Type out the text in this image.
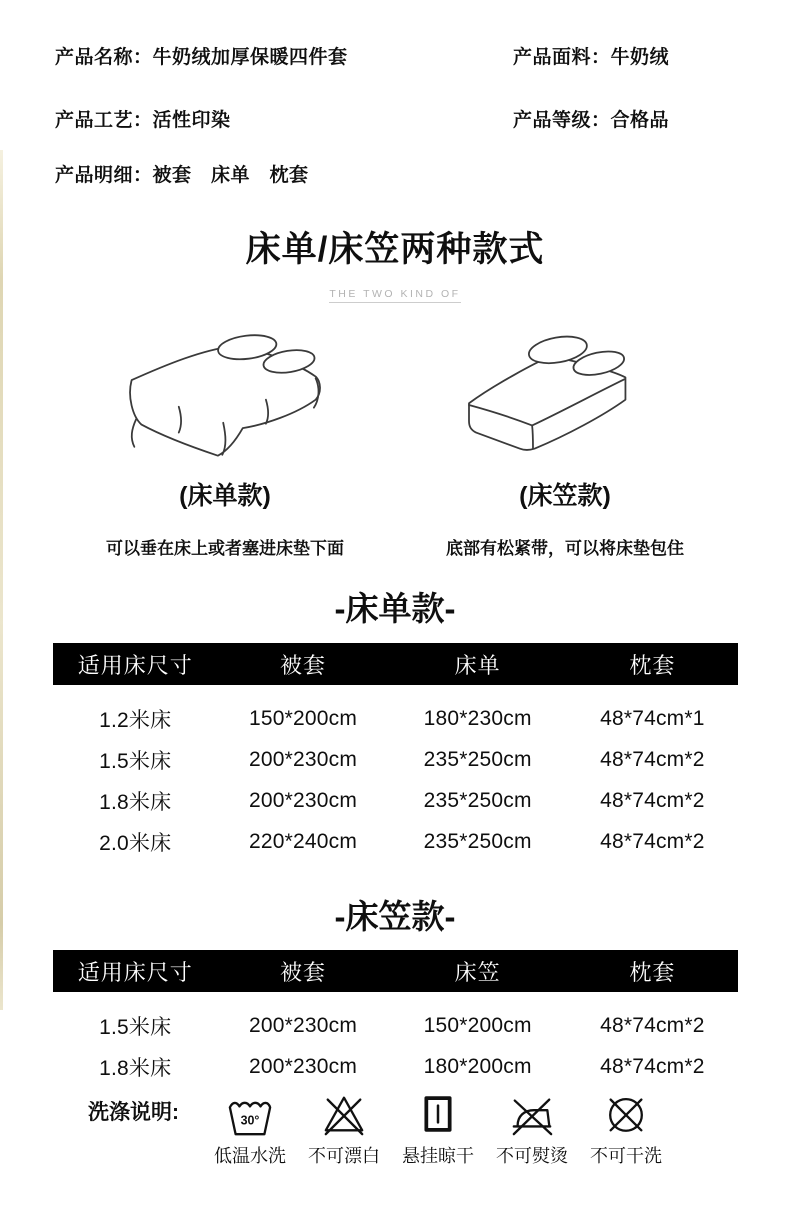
产品名称：牛奶绒加厚保暖四件套	产品面料：牛奶绒
产品工艺：活性印染	产品等级：合格品
产品明细：被套　床单　枕套
床单/床笠两种款式
THE TWO KIND OF
(床单款)	(床笠款)
可以垂在床上或者塞进床垫下面	底部有松紧带，可以将床垫包住
-床单款-
适用床尺寸	被套	床单	枕套
1.2米床	150*200cm	180*230cm	48*74cm*1
1.5米床	200*230cm	235*250cm	48*74cm*2
1.8米床	200*230cm	235*250cm	48*74cm*2
2.0米床	220*240cm	235*250cm	48*74cm*2
-床笠款-
适用床尺寸	被套	床笠	枕套
1.5米床	200*230cm	150*200cm	48*74cm*2
1.8米床	200*230cm	180*200cm	48*74cm*2
洗涤说明:	30°
低温水洗 不可漂白 悬挂晾干 不可熨烫 不可干洗
